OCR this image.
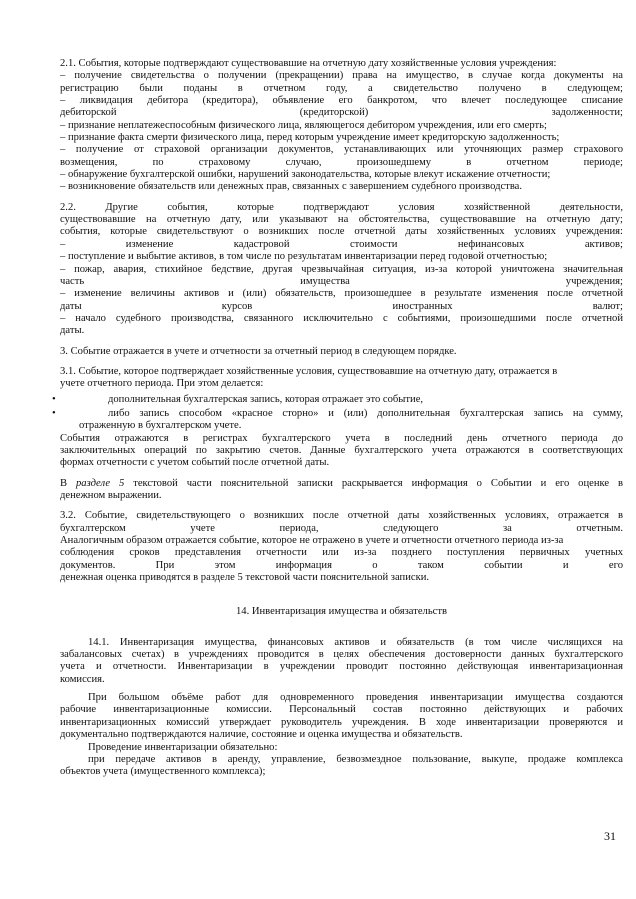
2.1. События, которые подтверждают существовавшие на отчетную дату хозяйственные условия учреждения:

– получение свидетельства о получении (прекращении) права на имуществo, в случае когда документы на

регистрацию были поданы в отчетном году, а свидетельство получено в следующем;

– ликвидация дебитора (кредитора), объявление его банкротом, что влечет последующее списание

дебиторской (кредиторской) задолженности;

– признание неплатежеспособным физического лица, являющегося дебитором учреждения, или его смерть;

– признание факта смерти физического лица, перед которым учреждение имеет кредиторскую задолженность;

– получение от страховой организации документов, устанавливающих или уточняющих размер страхового

возмещения, по страховому случаю, произошедшему в отчетном периоде;

– обнаружение бухгалтерской ошибки, нарушений законодательства, которые влекут искажение отчетности;

– возникновение обязательств или денежных прав, связанных с завершением судебного производства.

2.2. Другие события, которые подтверждают условия хозяйственной деятельности,

существовавшие на отчетную дату, или указывают на обстоятельства, существовавшие на отчетную дату;

события, которые свидетельствуют о возникших после отчетной даты хозяйственных условиях учреждения:

– изменение кадастровой стоимости нефинансовых активов;

– поступление и выбытие активов, в том числе по результатам инвентаризации перед годовой отчетностью;

– пожар, авария, стихийное бедствие, другая чрезвычайная ситуация, из-за которой уничтожена значительная

часть имущества учреждения;

– изменение величины активов и (или) обязательств, произошедшее в результате изменения после отчетной

даты курсов иностранных валют;

– начало судебного производства, связанного исключительно с событиями, произошедшими после отчетной

даты.

3. Событие отражается в учете и отчетности за отчетный период в следующем порядке.

3.1. Событие, которое подтверждает хозяйственные условия, существовавшие на отчетную дату, отражается в

учете отчетного периода. При этом делается:

•	дополнительная бухгалтерская запись, которая отражает это событие,

•	либо запись способом «красное сторно» и (или) дополнительная бухгалтерская запись на сумму,

отраженную в бухгалтерском учете.

События отражаются в регистрах бухгалтерского учета в последний день отчетного периода до

заключительных операций по закрытию счетов. Данные бухгалтерского учета отражаются в соответствующих

формах отчетности с учетом событий после отчетной даты.

В разделе 5 текстовой части пояснительной записки раскрывается информация о Событии и его оценке в

денежном выражении.

3.2. Событие, свидетельствующего о возникших после отчетной даты хозяйственных условиях, отражается в

бухгалтерском учете периода, следующего за отчетным.

Аналогичным образом отражается событие, которое не отражено в учете и отчетности отчетного периода из-за

соблюдения сроков представления отчетности или из-за позднего поступления первичных учетных

документов. При этом информация о таком событии и его

денежная оценка приводятся в разделе 5 текстовой части пояснительной записки.

14. Инвентаризация имущества и обязательств

14.1. Инвентаризация имущества, финансовых активов и обязательств (в том числе числящихся на

забалансовых счетах) в учреждениях проводится в целях обеспечения достоверности данных бухгалтерского

учета и отчетности. Инвентаризации в учреждении проводит постоянно действующая инвентаризационная

комиссия.

При большом объёме работ для одновременного проведения инвентаризации имущества создаются

рабочие инвентаризационные комиссии. Персональный состав постоянно действующих и рабочих

инвентаризационных комиссий утверждает руководитель учреждения. В ходе инвентаризации проверяются и

документально подтверждаются наличие, состояние и оценка имущества и обязательств.

Проведение инвентаризации обязательно:

при передаче активов в аренду, управление, безвозмездное пользование, выкупе, продаже комплекса

объектов учета (имущественного комплекса);

31
